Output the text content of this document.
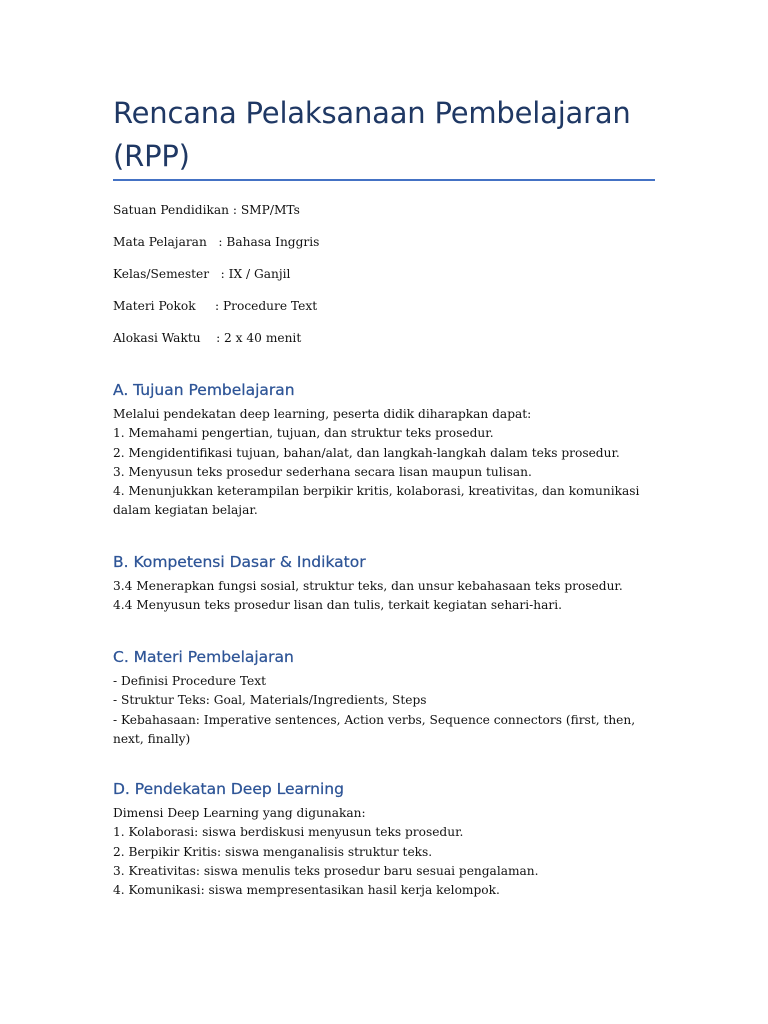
Rencana Pelaksanaan Pembelajaran (RPP)
Satuan Pendidikan : SMP/MTs
Mata Pelajaran   : Bahasa Inggris
Kelas/Semester   : IX / Ganjil
Materi Pokok     : Procedure Text
Alokasi Waktu    : 2 x 40 menit
A. Tujuan Pembelajaran
Melalui pendekatan deep learning, peserta didik diharapkan dapat:
1. Memahami pengertian, tujuan, dan struktur teks prosedur.
2. Mengidentifikasi tujuan, bahan/alat, dan langkah-langkah dalam teks prosedur.
3. Menyusun teks prosedur sederhana secara lisan maupun tulisan.
4. Menunjukkan keterampilan berpikir kritis, kolaborasi, kreativitas, dan komunikasi dalam kegiatan belajar.
B. Kompetensi Dasar & Indikator
3.4 Menerapkan fungsi sosial, struktur teks, dan unsur kebahasaan teks prosedur.
4.4 Menyusun teks prosedur lisan dan tulis, terkait kegiatan sehari-hari.
C. Materi Pembelajaran
- Definisi Procedure Text
- Struktur Teks: Goal, Materials/Ingredients, Steps
- Kebahasaan: Imperative sentences, Action verbs, Sequence connectors (first, then, next, finally)
D. Pendekatan Deep Learning
Dimensi Deep Learning yang digunakan:
1. Kolaborasi: siswa berdiskusi menyusun teks prosedur.
2. Berpikir Kritis: siswa menganalisis struktur teks.
3. Kreativitas: siswa menulis teks prosedur baru sesuai pengalaman.
4. Komunikasi: siswa mempresentasikan hasil kerja kelompok.
